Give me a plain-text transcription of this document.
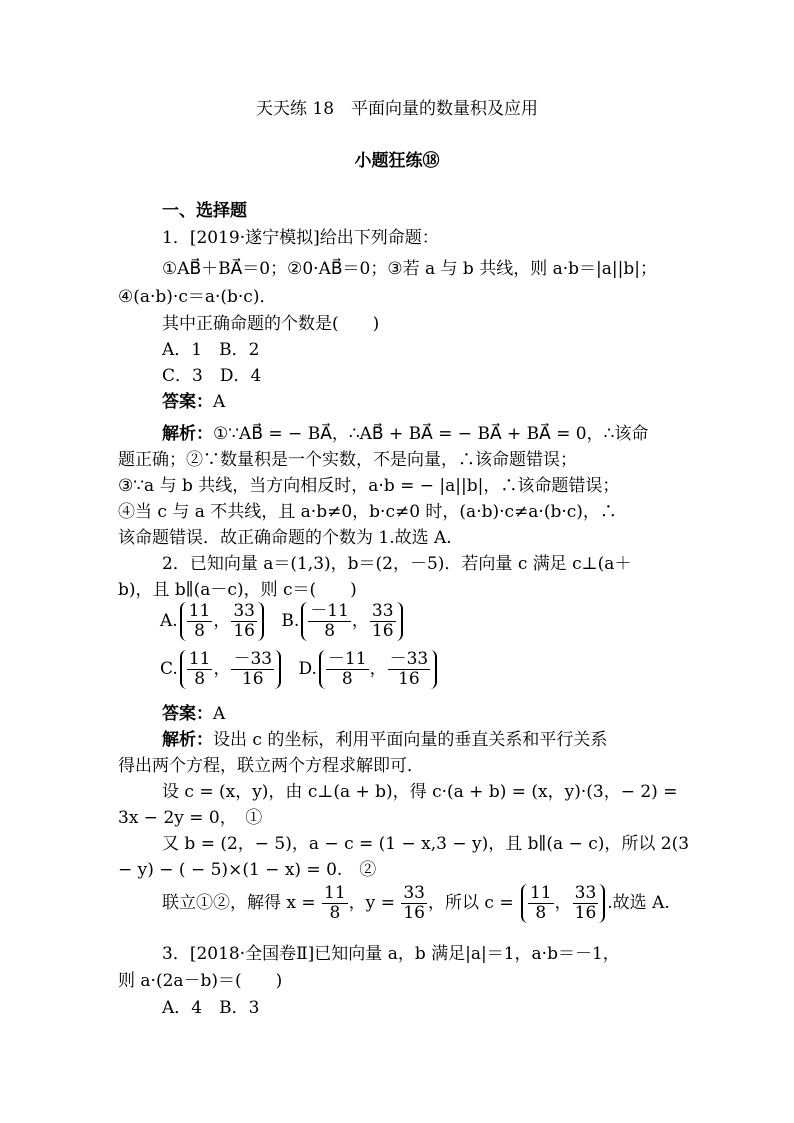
天天练 18　平面向量的数量积及应用
小题狂练⑱
一、选择题
1．[2019·遂宁模拟]给出下列命题：
①AB⃗＋BA⃗＝0；②0·AB⃗＝0；③若 a 与 b 共线，则 a·b＝|a||b|；
④(a·b)·c＝a·(b·c)．
其中正确命题的个数是(　　)
A．1　B．2
C．3　D．4
答案：A
解析：①∵AB⃗ = − BA⃗，∴AB⃗ + BA⃗ = − BA⃗ + BA⃗ = 0，∴该命
题正确；②∵数量积是一个实数，不是向量，∴该命题错误；
③∵a 与 b 共线，当方向相反时，a·b = − |a||b|，∴该命题错误；
④当 c 与 a 不共线，且 a·b≠0，b·c≠0 时，(a·b)·c≠a·(b·c)，∴
该命题错误．故正确命题的个数为 1.故选 A.
2．已知向量 a＝(1,3)，b＝(2，－5)．若向量 c 满足 c⊥(a＋
b)，且 b∥(a－c)，则 c＝(　　)
A. $\frac{11}{8}$ ， $\frac{33}{16} B$. $\frac{-11}{8}$ ， $\frac{33}{16}$
C. $\frac{11}{8}$ ， $\frac{-33}{16} D$. $\frac{-11}{8}$ ， $\frac{-33}{16}$
答案：A
解析：设出 c 的坐标，利用平面向量的垂直关系和平行关系
得出两个方程，联立两个方程求解即可．
设 c = (x，y)，由 c⊥(a + b)，得 c·(a + b) = (x，y)·(3，− 2) =
3x − 2y = 0，　①
又 b = (2，− 5)，a − c = (1 − x,3 − y)，且 b∥(a − c)，所以 2(3
− y) − ( − 5)×(1 − x) = 0.　②
联立①②，解得 $x = \frac{11}{8}$ ，$y = \frac{33}{16}$ ，所以 $c = \frac{11}{8}$ ， $\frac{33}{16}$ .故选 A.
3．[2018·全国卷Ⅱ]已知向量 a，b 满足|a|＝1，a·b＝－1，
则 a·(2a－b)＝(　　)
A．4　B．3
